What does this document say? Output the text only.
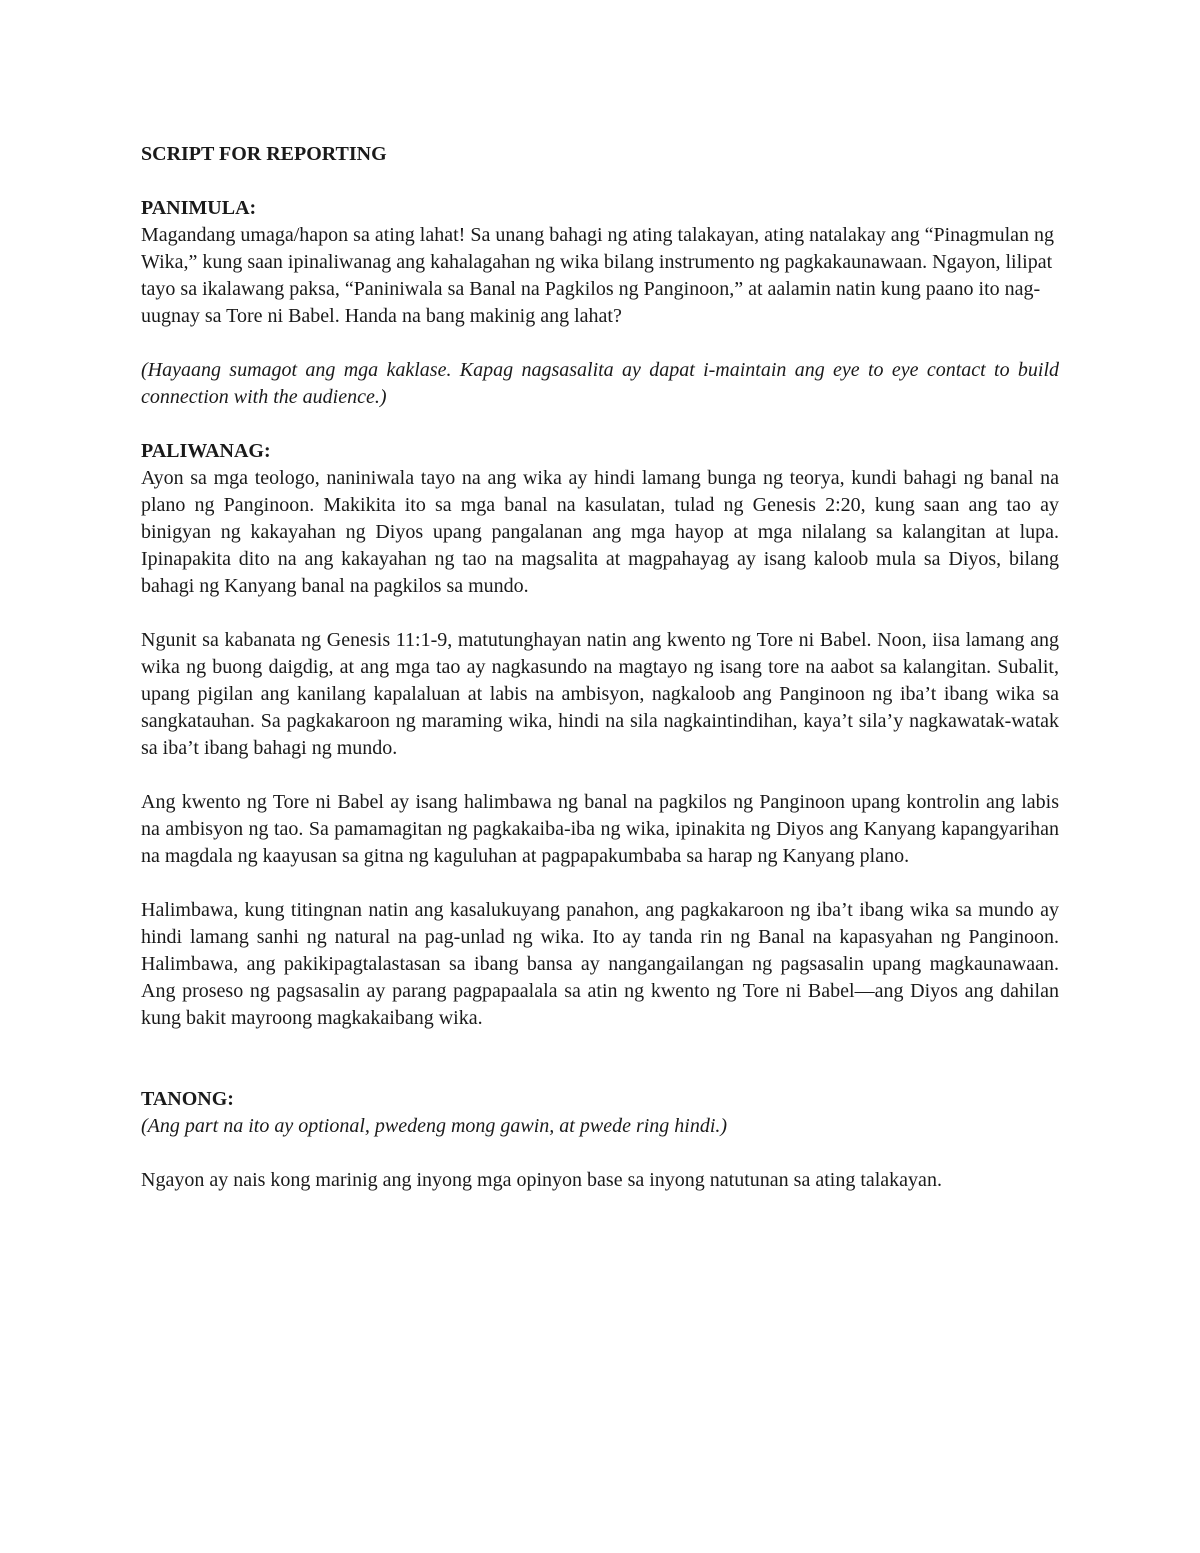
SCRIPT FOR REPORTING
PANIMULA:

Magandang umaga/hapon sa ating lahat! Sa unang bahagi ng ating talakayan, ating natalakay ang “Pinagmulan ng Wika,” kung saan ipinaliwanag ang kahalagahan ng wika bilang instrumento ng pagkakaunawaan. Ngayon, lilipat tayo sa ikalawang paksa, “Paniniwala sa Banal na Pagkilos ng Panginoon,” at aalamin natin kung paano ito nag-uugnay sa Tore ni Babel. Handa na bang makinig ang lahat?

(Hayaang sumagot ang mga kaklase. Kapag nagsasalita ay dapat i-maintain ang eye to eye contact to build connection with the audience.)

PALIWANAG:

Ayon sa mga teologo, naniniwala tayo na ang wika ay hindi lamang bunga ng teorya, kundi bahagi ng banal na plano ng Panginoon. Makikita ito sa mga banal na kasulatan, tulad ng Genesis 2:20, kung saan ang tao ay binigyan ng kakayahan ng Diyos upang pangalanan ang mga hayop at mga nilalang sa kalangitan at lupa. Ipinapakita dito na ang kakayahan ng tao na magsalita at magpahayag ay isang kaloob mula sa Diyos, bilang bahagi ng Kanyang banal na pagkilos sa mundo.

Ngunit sa kabanata ng Genesis 11:1-9, matutunghayan natin ang kwento ng Tore ni Babel. Noon, iisa lamang ang wika ng buong daigdig, at ang mga tao ay nagkasundo na magtayo ng isang tore na aabot sa kalangitan. Subalit, upang pigilan ang kanilang kapalaluan at labis na ambisyon, nagkaloob ang Panginoon ng iba’t ibang wika sa sangkatauhan. Sa pagkakaroon ng maraming wika, hindi na sila nagkaintindihan, kaya’t sila’y nagkawatak-watak sa iba’t ibang bahagi ng mundo.

Ang kwento ng Tore ni Babel ay isang halimbawa ng banal na pagkilos ng Panginoon upang kontrolin ang labis na ambisyon ng tao. Sa pamamagitan ng pagkakaiba-iba ng wika, ipinakita ng Diyos ang Kanyang kapangyarihan na magdala ng kaayusan sa gitna ng kaguluhan at pagpapakumbaba sa harap ng Kanyang plano.

Halimbawa, kung titingnan natin ang kasalukuyang panahon, ang pagkakaroon ng iba’t ibang wika sa mundo ay hindi lamang sanhi ng natural na pag-unlad ng wika. Ito ay tanda rin ng Banal na kapasyahan ng Panginoon. Halimbawa, ang pakikipagtalastasan sa ibang bansa ay nangangailangan ng pagsasalin upang magkaunawaan. Ang proseso ng pagsasalin ay parang pagpapaalala sa atin ng kwento ng Tore ni Babel—ang Diyos ang dahilan kung bakit mayroong magkakaibang wika.

TANONG:

(Ang part na ito ay optional, pwedeng mong gawin, at pwede ring hindi.)

Ngayon ay nais kong marinig ang inyong mga opinyon base sa inyong natutunan sa ating talakayan.
